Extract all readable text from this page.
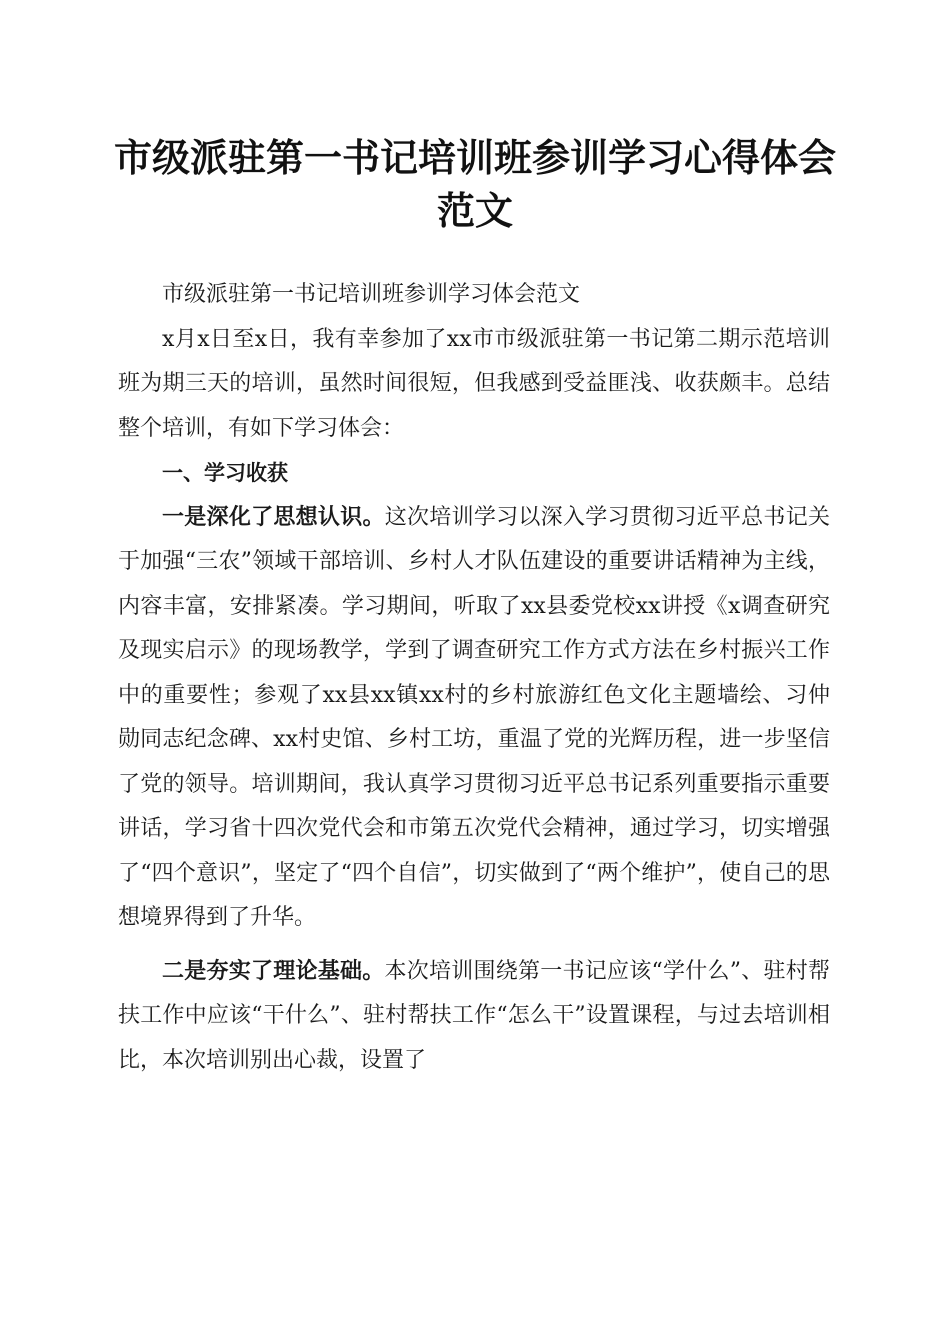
市级派驻第一书记培训班参训学习心得体会范文

市级派驻第一书记培训班参训学习体会范文

x月x日至x日，我有幸参加了xx市市级派驻第一书记第二期示范培训班为期三天的培训，虽然时间很短，但我感到受益匪浅、收获颇丰。总结整个培训，有如下学习体会：

一、学习收获

一是深化了思想认识。这次培训学习以深入学习贯彻习近平总书记关于加强“三农”领域干部培训、乡村人才队伍建设的重要讲话精神为主线，内容丰富，安排紧凑。学习期间，听取了xx县委党校xx讲授《x调查研究及现实启示》的现场教学，学到了调查研究工作方式方法在乡村振兴工作中的重要性；参观了xx县xx镇xx村的乡村旅游红色文化主题墙绘、习仲勋同志纪念碑、xx村史馆、乡村工坊，重温了党的光辉历程，进一步坚信了党的领导。培训期间，我认真学习贯彻习近平总书记系列重要指示重要讲话，学习省十四次党代会和市第五次党代会精神，通过学习，切实增强了“四个意识”，坚定了“四个自信”，切实做到了“两个维护”，使自己的思想境界得到了升华。

二是夯实了理论基础。本次培训围绕第一书记应该“学什么”、驻村帮扶工作中应该“干什么”、驻村帮扶工作“怎么干”设置课程，与过去培训相比，本次培训别出心裁，设置了
